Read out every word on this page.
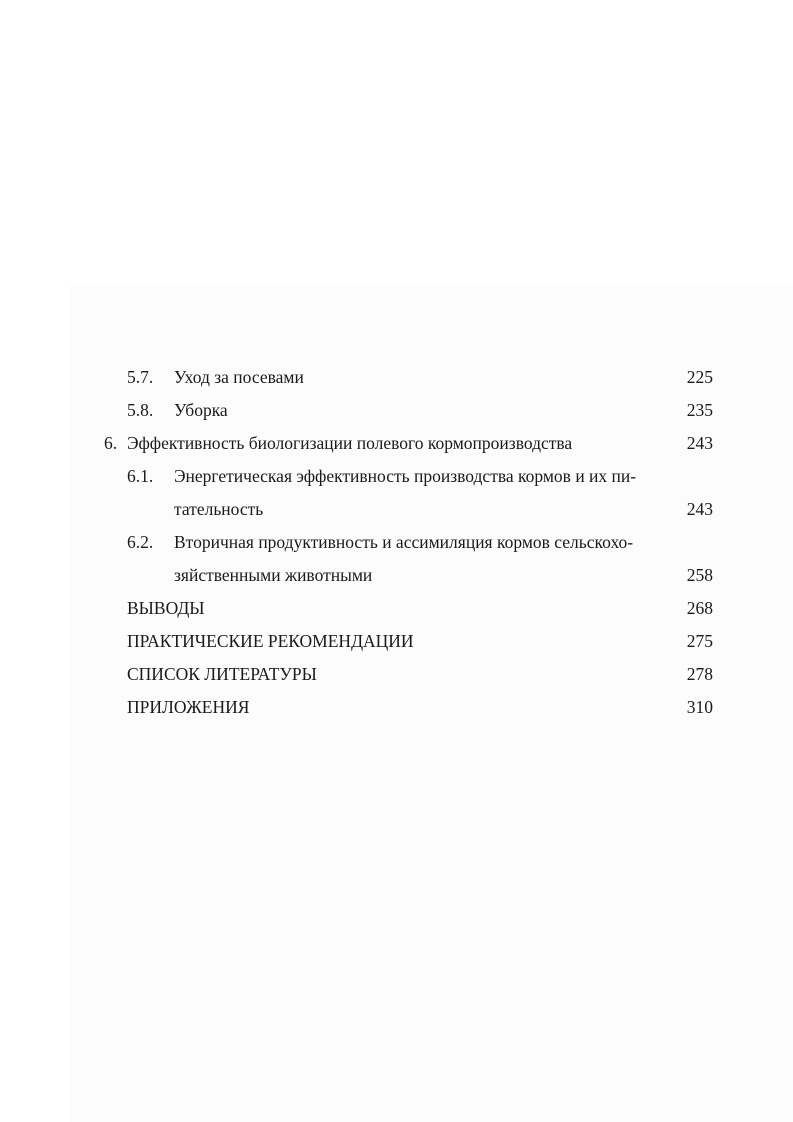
5.7. Уход за посевами	225
5.8. Уборка	235
6. Эффективность биологизации полевого кормопроизводства	243
6.1. Энергетическая эффективность производства кормов и их пи-
тательность	243
6.2. Вторичная продуктивность и ассимиляция кормов сельскохо-
зяйственными животными	258
ВЫВОДЫ	268
ПРАКТИЧЕСКИЕ РЕКОМЕНДАЦИИ	275
СПИСОК ЛИТЕРАТУРЫ	278
ПРИЛОЖЕНИЯ	310
